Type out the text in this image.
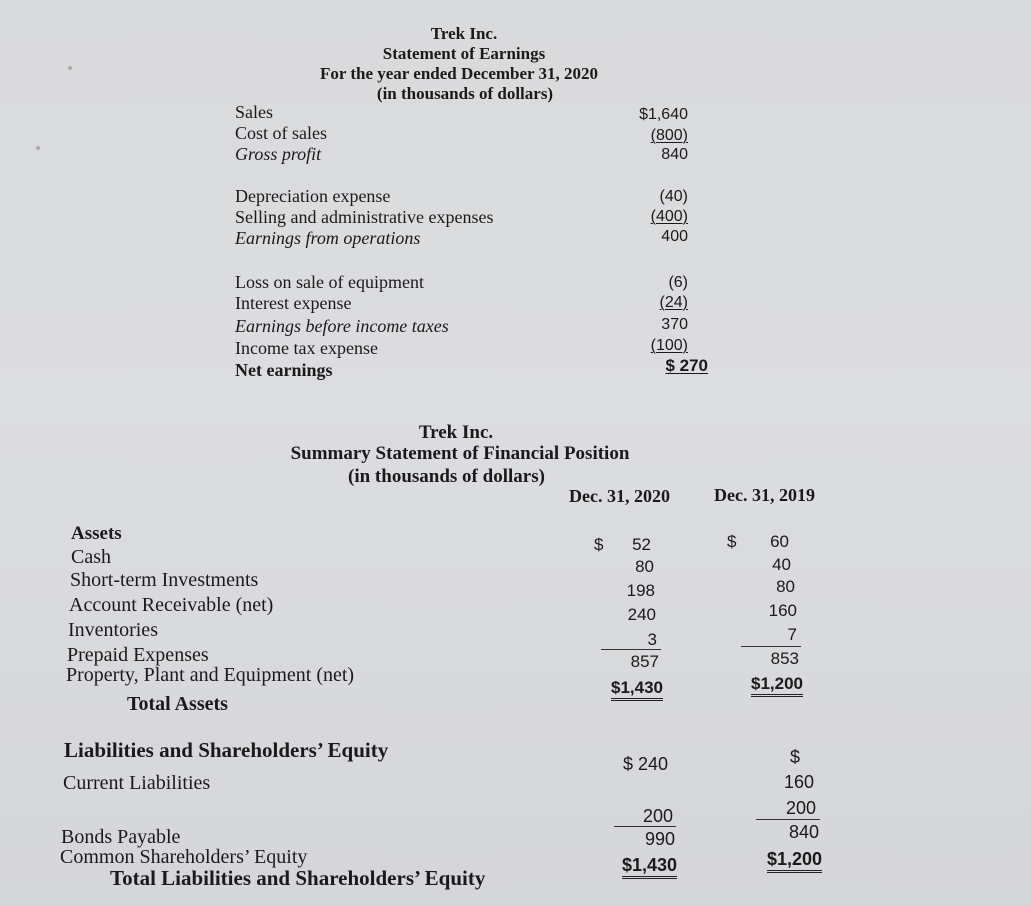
Trek Inc.
Statement of Earnings
For the year ended December 31, 2020
(in thousands of dollars)
Sales
Cost of sales
Gross profit
Depreciation expense
Selling and administrative expenses
Earnings from operations
Loss on sale of equipment
Interest expense
Earnings before income taxes
Income tax expense
Net earnings
$1,640
(800)
840
(40)
(400)
400
(6)
(24)
370
(100)
$ 270
Trek Inc.
Summary Statement of Financial Position
(in thousands of dollars)
Dec. 31, 2020 Dec. 31, 2019
Assets
Cash
Short-term Investments
Account Receivable (net)
Inventories
Prepaid Expenses
Property, Plant and Equipment (net)
Total Assets
$ 52
80
198
240
3
857
$1,430
$ 60
40
80
160
7
853
$1,200
Liabilities and Shareholders’ Equity
Current Liabilities
Bonds Payable
Common Shareholders’ Equity
Total Liabilities and Shareholders’ Equity
$ 240
200
990
$1,430
$
160
200
840
$1,200
